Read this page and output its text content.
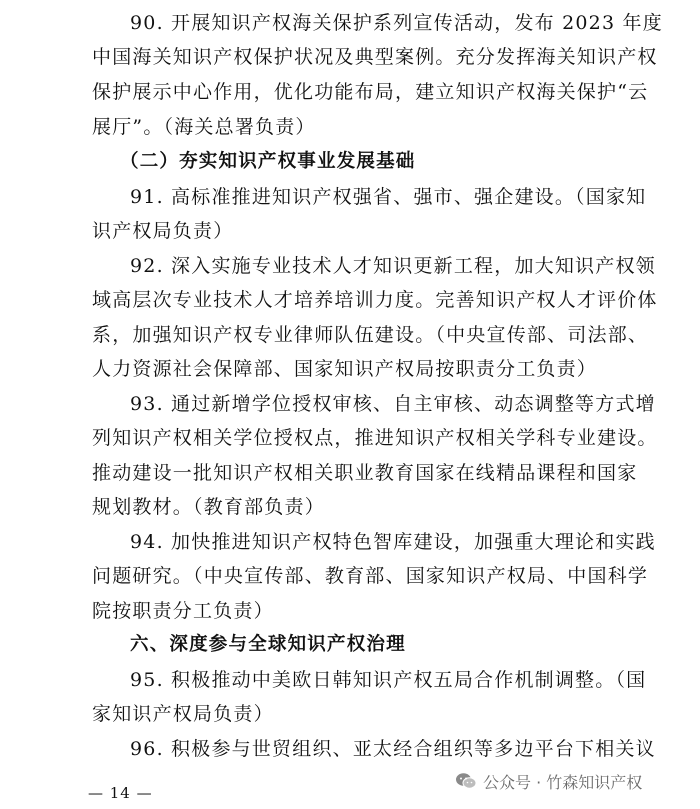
90. 开展知识产权海关保护系列宣传活动，发布 2023 年度
中国海关知识产权保护状况及典型案例。充分发挥海关知识产权
保护展示中心作用，优化功能布局，建立知识产权海关保护“云
展厅”。（海关总署负责）
（二）夯实知识产权事业发展基础
91. 高标准推进知识产权强省、强市、强企建设。（国家知
识产权局负责）
92. 深入实施专业技术人才知识更新工程，加大知识产权领
域高层次专业技术人才培养培训力度。完善知识产权人才评价体
系，加强知识产权专业律师队伍建设。（中央宣传部、司法部、
人力资源社会保障部、国家知识产权局按职责分工负责）
93. 通过新增学位授权审核、自主审核、动态调整等方式增
列知识产权相关学位授权点，推进知识产权相关学科专业建设。
推动建设一批知识产权相关职业教育国家在线精品课程和国家
规划教材。（教育部负责）
94. 加快推进知识产权特色智库建设，加强重大理论和实践
问题研究。（中央宣传部、教育部、国家知识产权局、中国科学
院按职责分工负责）
六、深度参与全球知识产权治理
95. 积极推动中美欧日韩知识产权五局合作机制调整。（国
家知识产权局负责）
96. 积极参与世贸组织、亚太经合组织等多边平台下相关议
— 14 —
公众号 · 竹森知识产权
